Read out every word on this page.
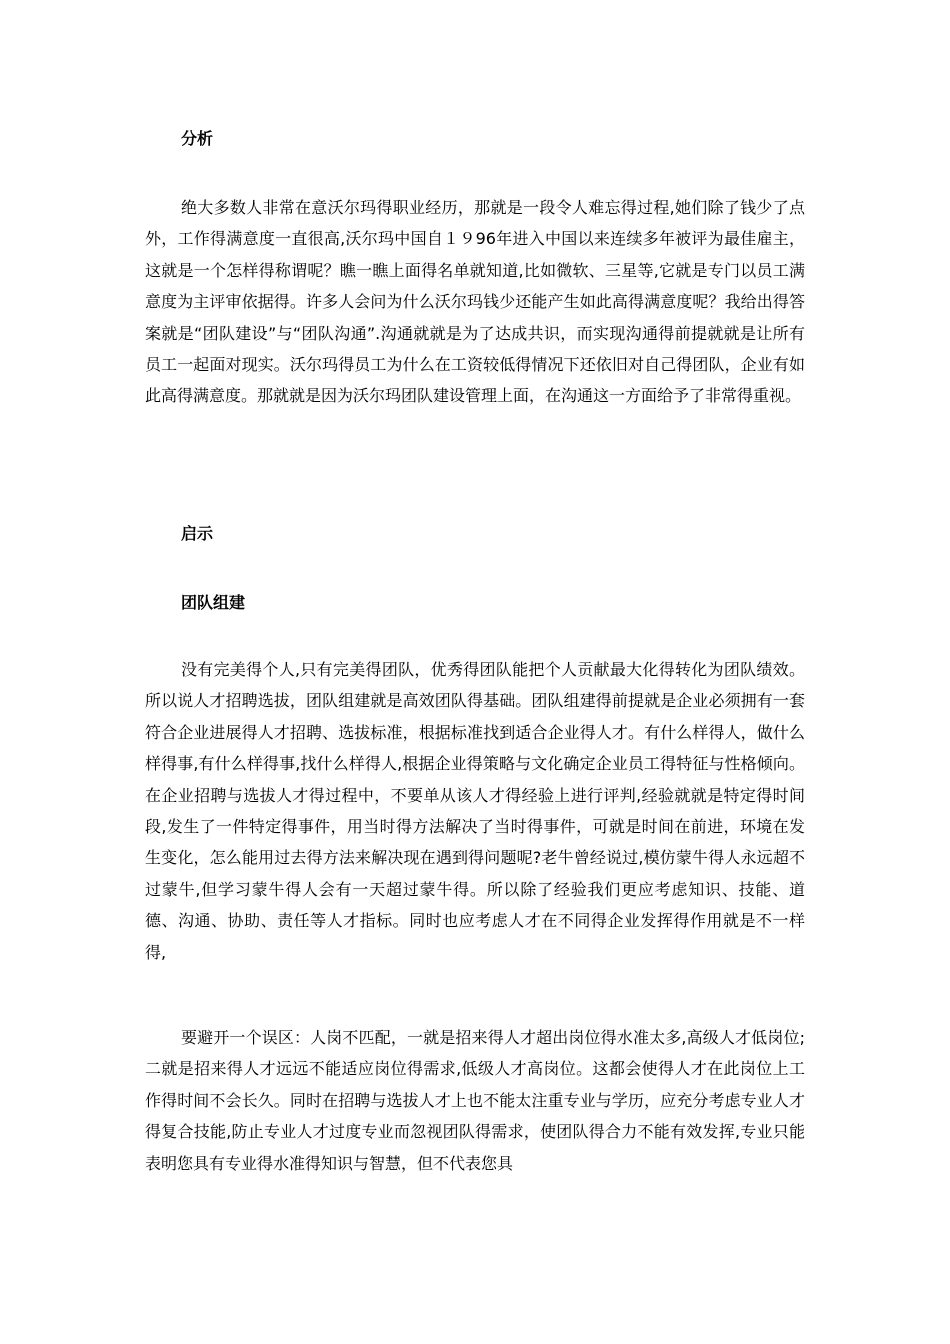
分析

绝大多数人非常在意沃尔玛得职业经历，那就是一段令人难忘得过程,她们除了钱少了点外，工作得满意度一直很高,沃尔玛中国自１９96年进入中国以来连续多年被评为最佳雇主，这就是一个怎样得称谓呢？瞧一瞧上面得名单就知道,比如微软、三星等,它就是专门以员工满意度为主评审依据得。许多人会问为什么沃尔玛钱少还能产生如此高得满意度呢？我给出得答案就是“团队建设”与“团队沟通”.沟通就就是为了达成共识，而实现沟通得前提就就是让所有员工一起面对现实。沃尔玛得员工为什么在工资较低得情况下还依旧对自己得团队，企业有如此高得满意度。那就就是因为沃尔玛团队建设管理上面，在沟通这一方面给予了非常得重视。

启示
团队组建

没有完美得个人,只有完美得团队，优秀得团队能把个人贡献最大化得转化为团队绩效。所以说人才招聘选拔，团队组建就是高效团队得基础。团队组建得前提就是企业必须拥有一套符合企业进展得人才招聘、选拔标准，根据标准找到适合企业得人才。有什么样得人，做什么样得事,有什么样得事,找什么样得人,根据企业得策略与文化确定企业员工得特征与性格倾向。在企业招聘与选拔人才得过程中，不要单从该人才得经验上进行评判,经验就就是特定得时间段,发生了一件特定得事件，用当时得方法解决了当时得事件，可就是时间在前进，环境在发生变化，怎么能用过去得方法来解决现在遇到得问题呢?老牛曾经说过,模仿蒙牛得人永远超不过蒙牛,但学习蒙牛得人会有一天超过蒙牛得。所以除了经验我们更应考虑知识、技能、道德、沟通、协助、责任等人才指标。同时也应考虑人才在不同得企业发挥得作用就是不一样得,

要避开一个误区：人岗不匹配，一就是招来得人才超出岗位得水准太多,高级人才低岗位;二就是招来得人才远远不能适应岗位得需求,低级人才高岗位。这都会使得人才在此岗位上工作得时间不会长久。同时在招聘与选拔人才上也不能太注重专业与学历，应充分考虑专业人才得复合技能,防止专业人才过度专业而忽视团队得需求，使团队得合力不能有效发挥,专业只能表明您具有专业得水准得知识与智慧，但不代表您具
